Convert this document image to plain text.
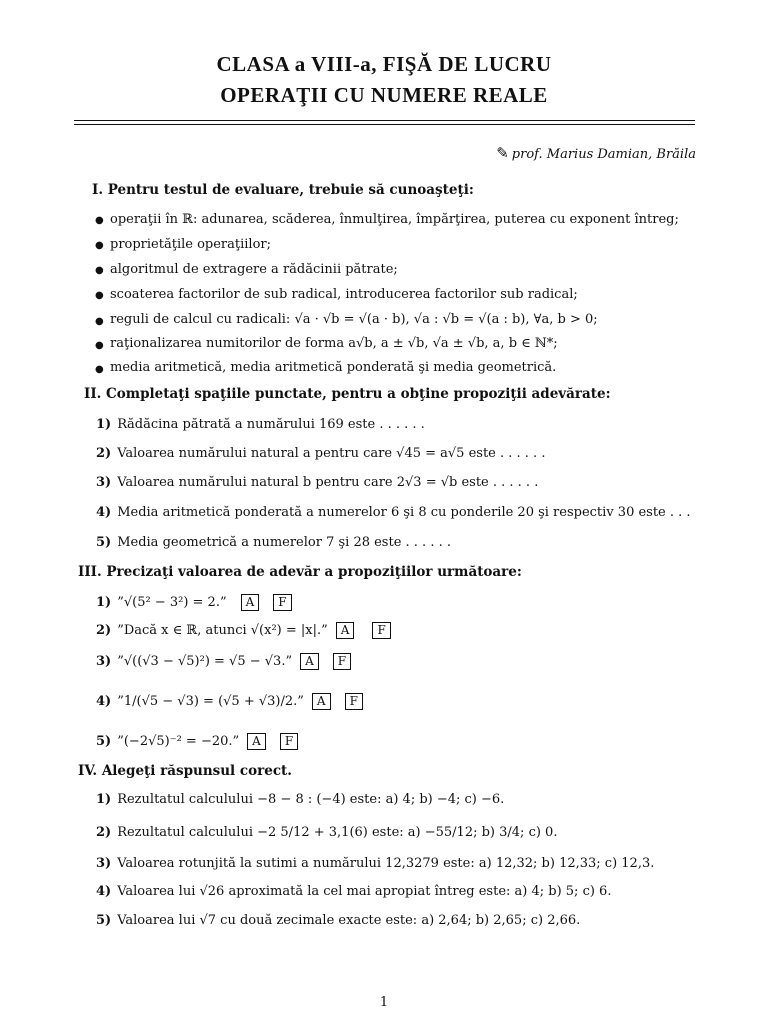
CLASA a VIII-a, FIŞĂ DE LUCRU
OPERAŢII CU NUMERE REALE
✎ prof. Marius Damian, Brăila
I. Pentru testul de evaluare, trebuie să cunoaşteţi:
● operaţii în ℝ: adunarea, scăderea, înmulţirea, împărţirea, puterea cu exponent întreg;
● proprietăţile operaţiilor;
● algoritmul de extragere a rădăcinii pătrate;
● scoaterea factorilor de sub radical, introducerea factorilor sub radical;
● reguli de calcul cu radicali: √a · √b = √(a · b), √a : √b = √(a : b), ∀a, b > 0;
● raţionalizarea numitorilor de forma a√b, a ± √b, √a ± √b, a, b ∈ ℕ*;
● media aritmetică, media aritmetică ponderată şi media geometrică.
II. Completaţi spaţiile punctate, pentru a obţine propoziţii adevărate:
1) Rădăcina pătrată a numărului 169 este . . . . . .
2) Valoarea numărului natural a pentru care √45 = a√5 este . . . . . .
3) Valoarea numărului natural b pentru care 2√3 = √b este . . . . . .
4) Media aritmetică ponderată a numerelor 6 şi 8 cu ponderile 20 şi respectiv 30 este . . .
5) Media geometrică a numerelor 7 şi 28 este . . . . . .
III. Precizaţi valoarea de adevăr a propoziţiilor următoare:
1) ”√(5² − 3²) = 2.” A F
2) ”Dacă x ∈ ℝ, atunci √(x²) = |x|.” A F
3) ”√((√3 − √5)²) = √5 − √3.” A F
4) ”1/(√5 − √3) = (√5 + √3)/2.” A F
5) ”(−2√5)⁻² = −20.” A F
IV. Alegeţi răspunsul corect.
1) Rezultatul calculului −8 − 8 : (−4) este: a) 4; b) −4; c) −6.
2) Rezultatul calculului −2 5/12 + 3,1(6) este: a) −55/12; b) 3/4; c) 0.
3) Valoarea rotunjită la sutimi a numărului 12,3279 este: a) 12,32; b) 12,33; c) 12,3.
4) Valoarea lui √26 aproximată la cel mai apropiat întreg este: a) 4; b) 5; c) 6.
5) Valoarea lui √7 cu două zecimale exacte este: a) 2,64; b) 2,65; c) 2,66.
1
